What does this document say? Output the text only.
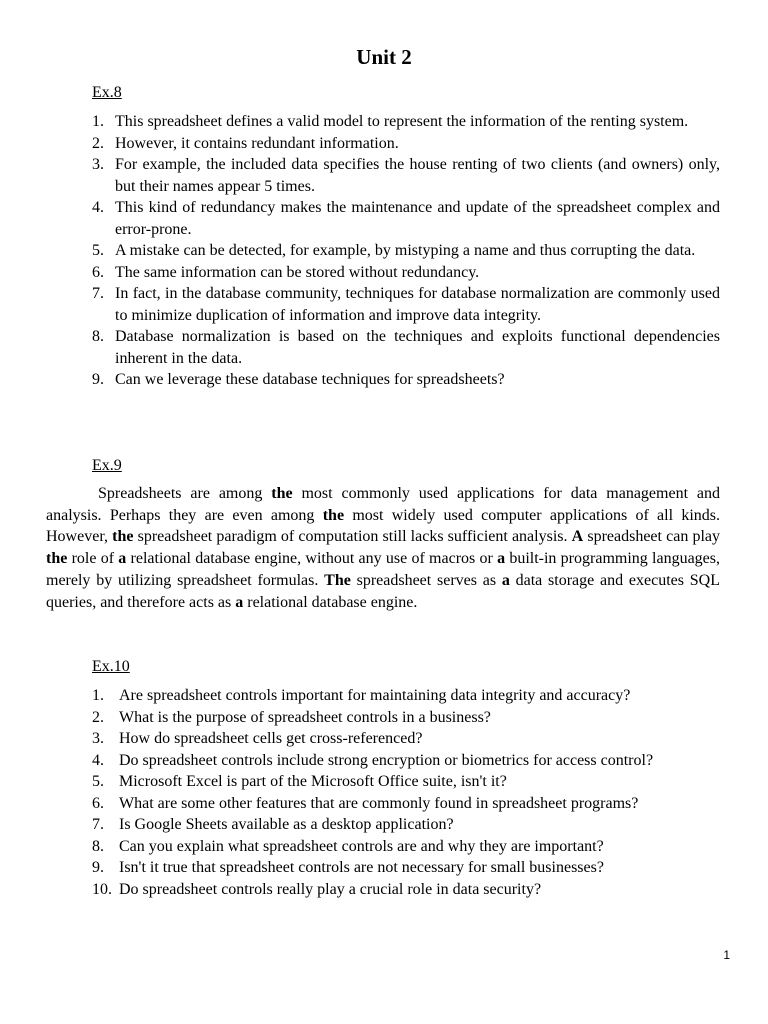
Unit 2
Ex.8
1. This spreadsheet defines a valid model to represent the information of the renting system.
2. However, it contains redundant information.
3. For example, the included data specifies the house renting of two clients (and owners) only, but their names appear 5 times.
4. This kind of redundancy makes the maintenance and update of the spreadsheet complex and error-prone.
5. A mistake can be detected, for example, by mistyping a name and thus corrupting the data.
6. The same information can be stored without redundancy.
7. In fact, in the database community, techniques for database normalization are commonly used to minimize duplication of information and improve data integrity.
8. Database normalization is based on the techniques and exploits functional dependencies inherent in the data.
9. Can we leverage these database techniques for spreadsheets?
Ex.9

Spreadsheets are among the most commonly used applications for data management and analysis. Perhaps they are even among the most widely used computer applications of all kinds. However, the spreadsheet paradigm of computation still lacks sufficient analysis. A spreadsheet can play the role of a relational database engine, without any use of macros or a built-in programming languages, merely by utilizing spreadsheet formulas. The spreadsheet serves as a data storage and executes SQL queries, and therefore acts as a relational database engine.

Ex.10
1. Are spreadsheet controls important for maintaining data integrity and accuracy?
2. What is the purpose of spreadsheet controls in a business?
3. How do spreadsheet cells get cross-referenced?
4. Do spreadsheet controls include strong encryption or biometrics for access control?
5. Microsoft Excel is part of the Microsoft Office suite, isn't it?
6. What are some other features that are commonly found in spreadsheet programs?
7. Is Google Sheets available as a desktop application?
8. Can you explain what spreadsheet controls are and why they are important?
9. Isn't it true that spreadsheet controls are not necessary for small businesses?
10. Do spreadsheet controls really play a crucial role in data security?
1
